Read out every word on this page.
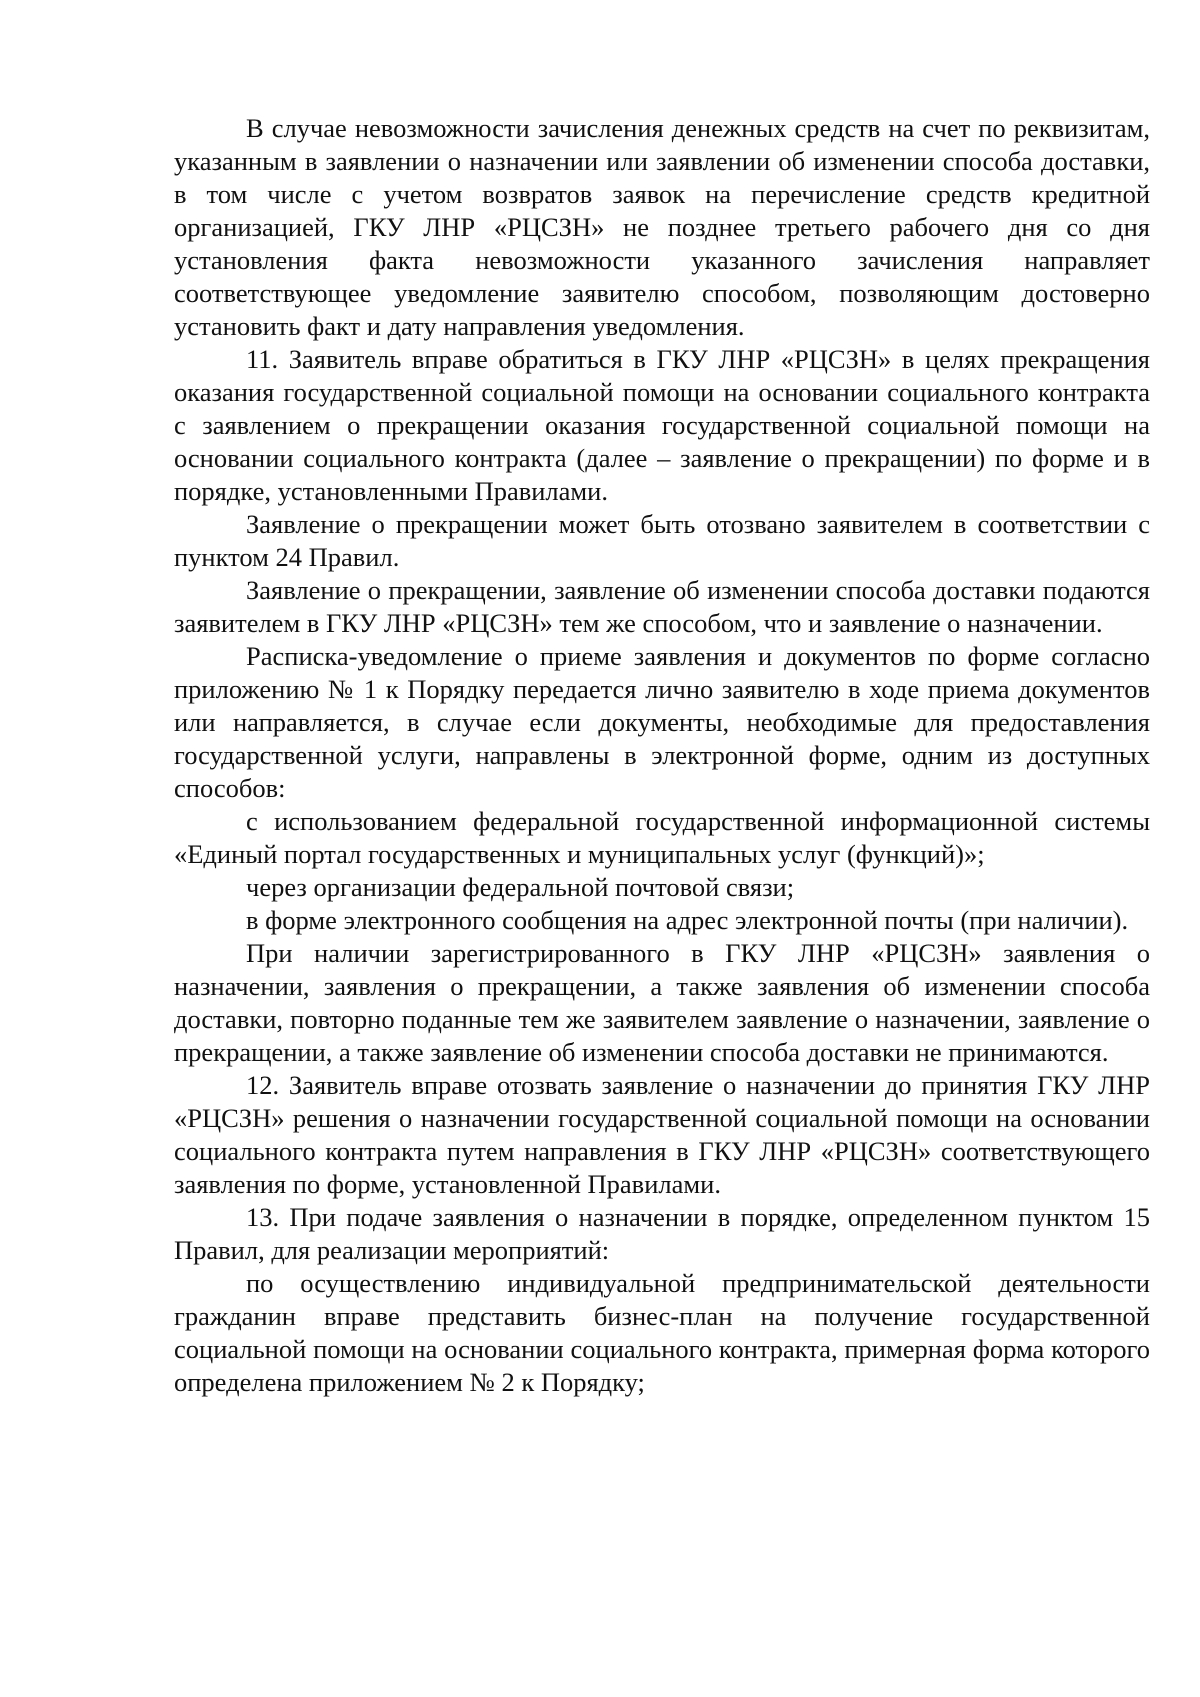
В случае невозможности зачисления денежных средств на счет по реквизитам, указанным в заявлении о назначении или заявлении об изменении способа доставки, в том числе с учетом возвратов заявок на перечисление средств кредитной организацией, ГКУ ЛНР «РЦСЗН» не позднее третьего рабочего дня со дня установления факта невозможности указанного зачисления направляет соответствующее уведомление заявителю способом, позволяющим достоверно установить факт и дату направления уведомления.

11. Заявитель вправе обратиться в ГКУ ЛНР «РЦСЗН» в целях прекращения оказания государственной социальной помощи на основании социального контракта с заявлением о прекращении оказания государственной социальной помощи на основании социального контракта (далее – заявление о прекращении) по форме и в порядке, установленными Правилами.

Заявление о прекращении может быть отозвано заявителем в соответствии с пунктом 24 Правил.

Заявление о прекращении, заявление об изменении способа доставки подаются заявителем в ГКУ ЛНР «РЦСЗН» тем же способом, что и заявление о назначении.

Расписка-уведомление о приеме заявления и документов по форме согласно приложению № 1 к Порядку передается лично заявителю в ходе приема документов или направляется, в случае если документы, необходимые для предоставления государственной услуги, направлены в электронной форме, одним из доступных способов:

с использованием федеральной государственной информационной системы «Единый портал государственных и муниципальных услуг (функций)»;

через организации федеральной почтовой связи;

в форме электронного сообщения на адрес электронной почты (при наличии).

При наличии зарегистрированного в ГКУ ЛНР «РЦСЗН» заявления о назначении, заявления о прекращении, а также заявления об изменении способа доставки, повторно поданные тем же заявителем заявление о назначении, заявление о прекращении, а также заявление об изменении способа доставки не принимаются.

12. Заявитель вправе отозвать заявление о назначении до принятия ГКУ ЛНР «РЦСЗН» решения о назначении государственной социальной помощи на основании социального контракта путем направления в ГКУ ЛНР «РЦСЗН» соответствующего заявления по форме, установленной Правилами.

13. При подаче заявления о назначении в порядке, определенном пунктом 15 Правил, для реализации мероприятий:

по осуществлению индивидуальной предпринимательской деятельности гражданин вправе представить бизнес-план на получение государственной социальной помощи на основании социального контракта, примерная форма которого определена приложением № 2 к Порядку;
